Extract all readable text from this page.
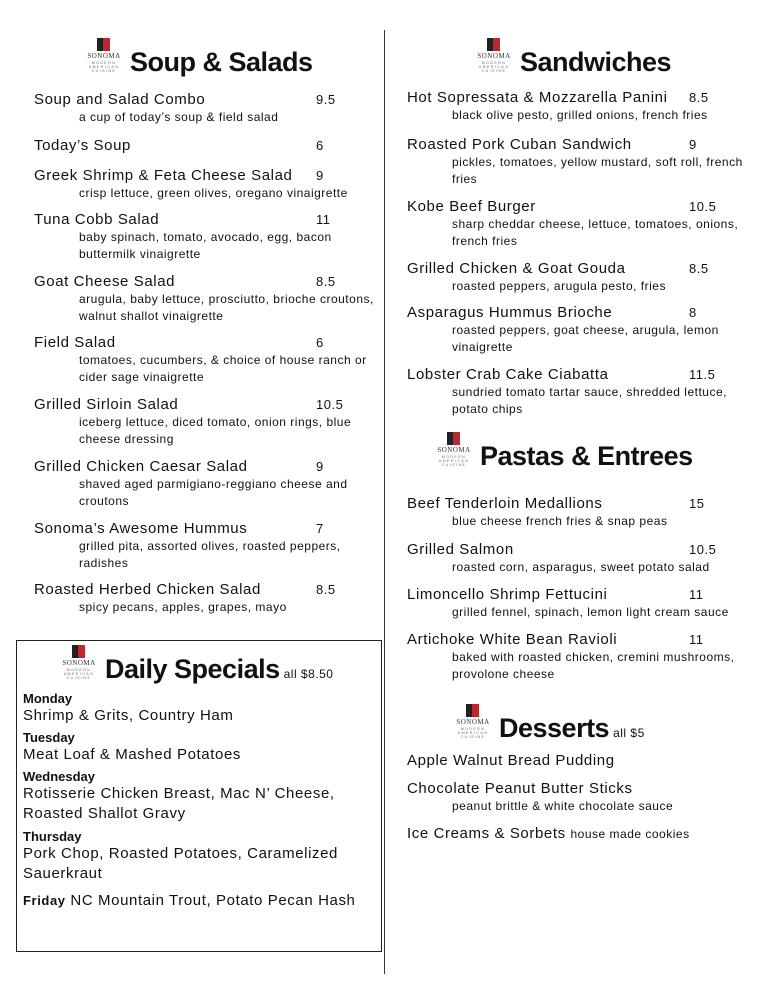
SONOMA
MODERN AMERICAN CUISINE Soup & Salads
Soup and Salad Combo	9.5
a cup of today’s soup & field salad
Today’s Soup	6
Greek Shrimp & Feta Cheese Salad	9
crisp lettuce, green olives, oregano vinaigrette
Tuna Cobb Salad	11
baby spinach, tomato, avocado, egg, bacon buttermilk vinaigrette
Goat Cheese Salad	8.5
arugula, baby lettuce, prosciutto, brioche croutons, walnut shallot vinaigrette
Field Salad	6
tomatoes, cucumbers, & choice of house ranch or cider sage vinaigrette
Grilled Sirloin Salad	10.5
iceberg lettuce, diced tomato, onion rings, blue cheese dressing
Grilled Chicken Caesar Salad	9
shaved aged parmigiano-reggiano cheese and croutons
Sonoma’s Awesome Hummus	7
grilled pita, assorted olives, roasted peppers, radishes
Roasted Herbed Chicken Salad	8.5
spicy pecans, apples, grapes, mayo
SONOMA
MODERN AMERICAN CUISINE Daily Specials all $8.50
Monday
Shrimp & Grits, Country Ham
Tuesday
Meat Loaf & Mashed Potatoes
Wednesday
Rotisserie Chicken Breast, Mac N’ Cheese, Roasted Shallot Gravy
Thursday
Pork Chop, Roasted Potatoes, Caramelized Sauerkraut
Friday NC Mountain Trout, Potato Pecan Hash
SONOMA
MODERN AMERICAN CUISINE Sandwiches
Hot Sopressata & Mozzarella Panini	8.5
black olive pesto, grilled onions, french fries
Roasted Pork Cuban Sandwich	9
pickles, tomatoes, yellow mustard, soft roll, french fries
Kobe Beef Burger	10.5
sharp cheddar cheese, lettuce, tomatoes, onions, french fries
Grilled Chicken & Goat Gouda	8.5
roasted peppers, arugula pesto, fries
Asparagus Hummus Brioche	8
roasted peppers, goat cheese, arugula, lemon vinaigrette
Lobster Crab Cake Ciabatta	11.5
sundried tomato tartar sauce, shredded lettuce, potato chips
SONOMA
MODERN AMERICAN CUISINE Pastas & Entrees
Beef Tenderloin Medallions	15
blue cheese french fries & snap peas
Grilled Salmon	10.5
roasted corn, asparagus, sweet potato salad
Limoncello Shrimp Fettucini	11
grilled fennel, spinach, lemon light cream sauce
Artichoke White Bean Ravioli	11
baked with roasted chicken, cremini mushrooms, provolone cheese
SONOMA
MODERN AMERICAN CUISINE Desserts all $5
Apple Walnut Bread Pudding
Chocolate Peanut Butter Sticks
peanut brittle & white chocolate sauce
Ice Creams & Sorbets house made cookies
